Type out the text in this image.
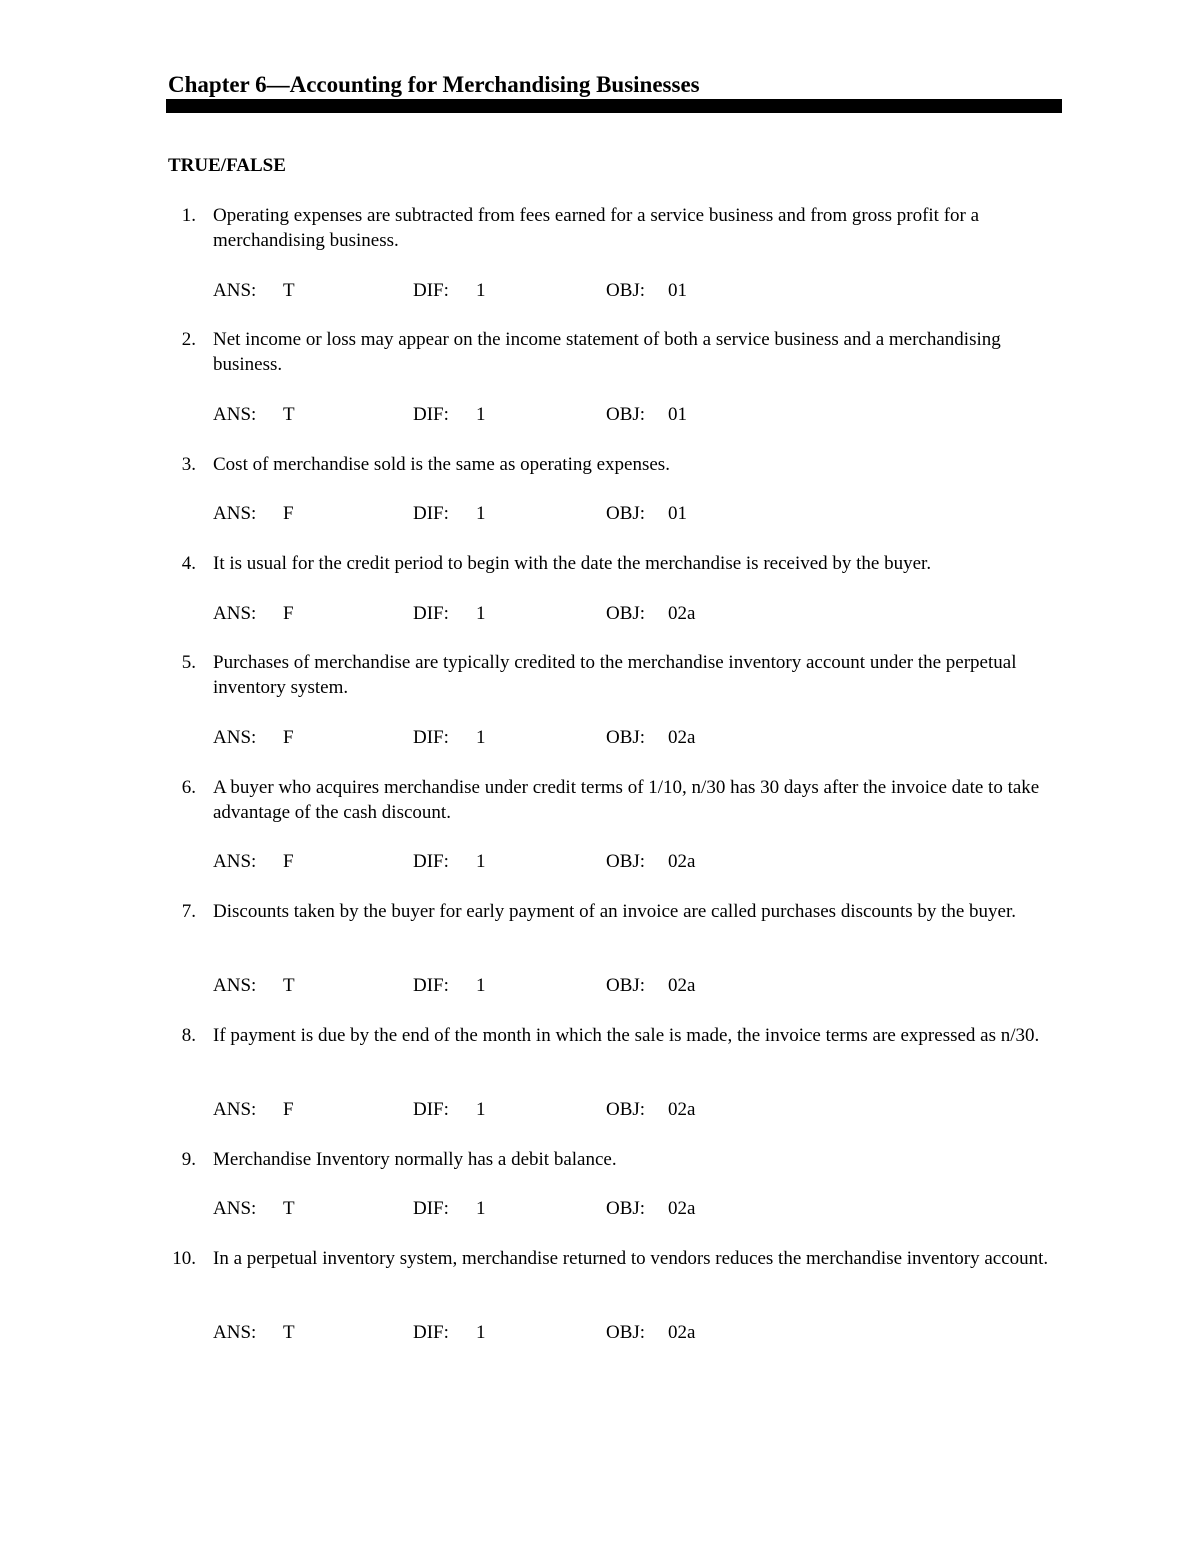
Chapter 6—Accounting for Merchandising Businesses
TRUE/FALSE
1. Operating expenses are subtracted from fees earned for a service business and from gross profit for a merchandising business.
ANS: T	DIF: 1	OBJ: 01
2. Net income or loss may appear on the income statement of both a service business and a merchandising business.
ANS: T	DIF: 1	OBJ: 01
3. Cost of merchandise sold is the same as operating expenses.
ANS: F	DIF: 1	OBJ: 01
4. It is usual for the credit period to begin with the date the merchandise is received by the buyer.
ANS: F	DIF: 1	OBJ: 02a
5. Purchases of merchandise are typically credited to the merchandise inventory account under the perpetual inventory system.
ANS: F	DIF: 1	OBJ: 02a
6. A buyer who acquires merchandise under credit terms of 1/10, n/30 has 30 days after the invoice date to take advantage of the cash discount.
ANS: F	DIF: 1	OBJ: 02a
7. Discounts taken by the buyer for early payment of an invoice are called purchases discounts by the buyer.
ANS: T	DIF: 1	OBJ: 02a
8. If payment is due by the end of the month in which the sale is made, the invoice terms are expressed as n/30.
ANS: F	DIF: 1	OBJ: 02a
9. Merchandise Inventory normally has a debit balance.
ANS: T	DIF: 1	OBJ: 02a
10. In a perpetual inventory system, merchandise returned to vendors reduces the merchandise inventory account.
ANS: T	DIF: 1	OBJ: 02a
